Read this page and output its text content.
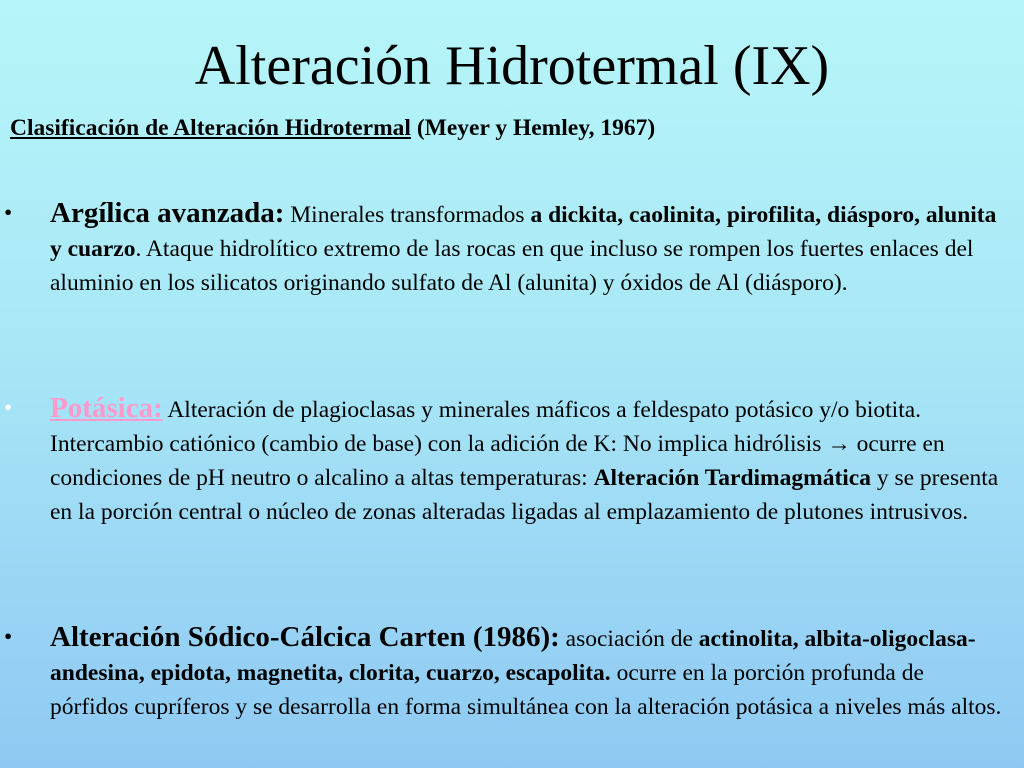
Alteración Hidrotermal (IX)
Clasificación de Alteración Hidrotermal (Meyer y Hemley, 1967)
•	Argílica avanzada: Minerales transformados a dickita, caolinita, pirofilita, diásporo, alunita y cuarzo. Ataque hidrolítico extremo de las rocas en que incluso se rompen los fuertes enlaces del aluminio en los silicatos originando sulfato de Al (alunita) y óxidos de Al (diásporo).
•	Potásica: Alteración de plagioclasas y minerales máficos a feldespato potásico y/o biotita. Intercambio catiónico (cambio de base) con la adición de K: No implica hidrólisis → ocurre en condiciones de pH neutro o alcalino a altas temperaturas: Alteración Tardimagmática y se presenta en la porción central o núcleo de zonas alteradas ligadas al emplazamiento de plutones intrusivos.
•	Alteración Sódico-Cálcica Carten (1986): asociación de actinolita, albita-oligoclasa- andesina, epidota, magnetita, clorita, cuarzo, escapolita. ocurre en la porción profunda de pórfidos cupríferos y se desarrolla en forma simultánea con la alteración potásica a niveles más altos.
